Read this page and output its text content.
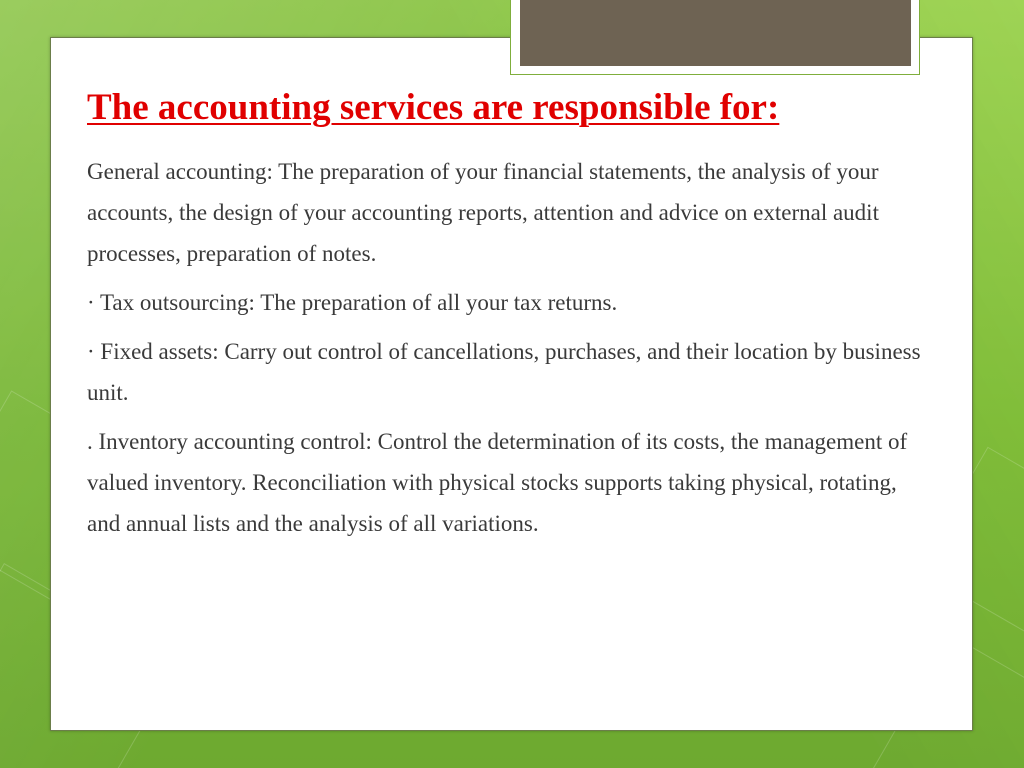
The accounting services are responsible for:

General accounting: The preparation of your financial statements, the analysis of your accounts, the design of your accounting reports, attention and advice on external audit processes, preparation of notes.

· Tax outsourcing: The preparation of all your tax returns.

· Fixed assets: Carry out control of cancellations, purchases, and their location by business unit.

. Inventory accounting control: Control the determination of its costs, the management of valued inventory. Reconciliation with physical stocks supports taking physical, rotating, and annual lists and the analysis of all variations.
